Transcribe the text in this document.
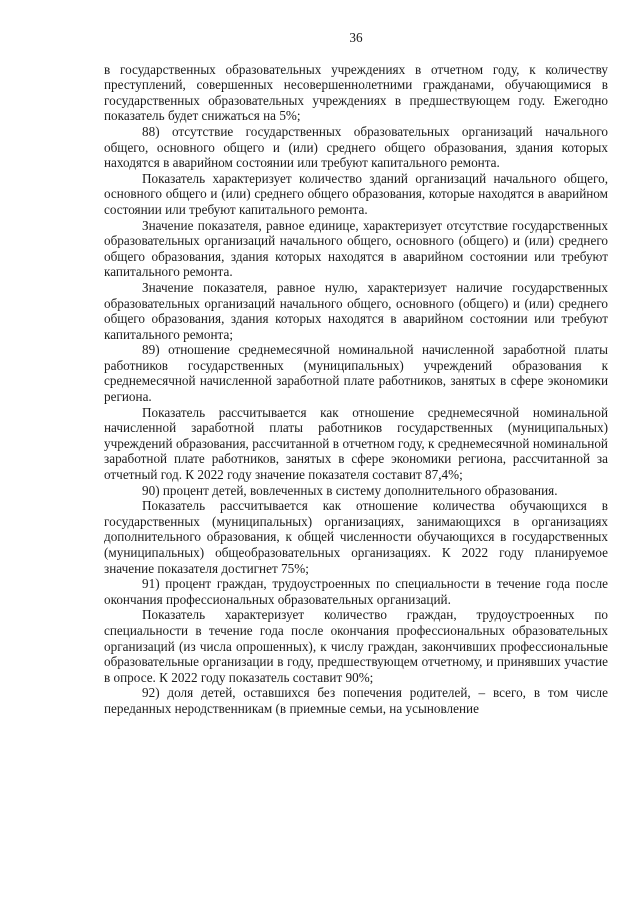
36

в государственных образовательных учреждениях в отчетном году, к количеству преступлений, совершенных несовершеннолетними гражданами, обучающимися в государственных образовательных учреждениях в предшествующем году. Ежегодно показатель будет снижаться на 5%;

88) отсутствие государственных образовательных организаций начального общего, основного общего и (или) среднего общего образования, здания которых находятся в аварийном состоянии или требуют капитального ремонта.

Показатель характеризует количество зданий организаций начального общего, основного общего и (или) среднего общего образования, которые находятся в аварийном состоянии или требуют капитального ремонта.

Значение показателя, равное единице, характеризует отсутствие государственных образовательных организаций начального общего, основного (общего) и (или) среднего общего образования, здания которых находятся в аварийном состоянии или требуют капитального ремонта.

Значение показателя, равное нулю, характеризует наличие государственных образовательных организаций начального общего, основного (общего) и (или) среднего общего образования, здания которых находятся в аварийном состоянии или требуют капитального ремонта;

89) отношение среднемесячной номинальной начисленной заработной платы работников государственных (муниципальных) учреждений образования к среднемесячной начисленной заработной плате работников, занятых в сфере экономики региона.

Показатель рассчитывается как отношение среднемесячной номинальной начисленной заработной платы работников государственных (муниципальных) учреждений образования, рассчитанной в отчетном году, к среднемесячной номинальной заработной плате работников, занятых в сфере экономики региона, рассчитанной за отчетный год. К 2022 году значение показателя составит 87,4%;

90) процент детей, вовлеченных в систему дополнительного образования.

Показатель рассчитывается как отношение количества обучающихся в государственных (муниципальных) организациях, занимающихся в организациях дополнительного образования, к общей численности обучающихся в государственных (муниципальных) общеобразовательных организациях. К 2022 году планируемое значение показателя достигнет 75%;

91) процент граждан, трудоустроенных по специальности в течение года после окончания профессиональных образовательных организаций.

Показатель характеризует количество граждан, трудоустроенных по специальности в течение года после окончания профессиональных образовательных организаций (из числа опрошенных), к числу граждан, закончивших профессиональные образовательные организации в году, предшествующем отчетному, и принявших участие в опросе. К 2022 году показатель составит 90%;

92) доля детей, оставшихся без попечения родителей, – всего, в том числе переданных неродственникам (в приемные семьи, на усыновление
